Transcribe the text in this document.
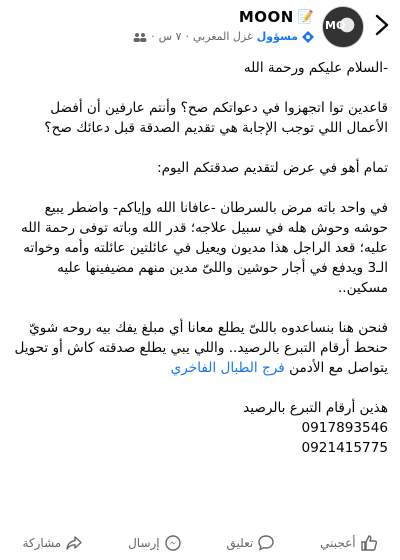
MO
MOON 📝
مسؤول
غزل المغربي
·
٧ س
·

-السلام عليكم ورحمة الله

قاعدين توا اتجهزوا في دعواتكم صح؟ وأنتم عارفين أن أفضل الأعمال اللي توجب الإجابة هي تقديم الصدقة قبل دعائك صح؟

تمام أهو في عرض لتقديم صدقتكم اليوم:

في واحد باته مرض بالسرطان -عافانا الله وإياكم- واضطر يبيع حوشه وحوش هله في سبيل علاجه؛ قدر الله وباته توفى رحمة الله عليه؛ قعد الراجل هذا مديون ويعيل في عائلتين عائلته وأمه وخواته الـ3 ويدفع في أجار حوشين واللىّ مدين منهم مضيفينها عليه مسكين..

فنحن هنا بنساعدوه باللىّ يطلع معانا أي مبلغ يفك بيه روحه شويّ

حنحط أرقام التبرع بالرصيد.. واللي يبي يطلع صدقته كاش أو تحويل

يتواصل مع الأدمن فرج الطبال الفاخري

هذين أرقام التبرع بالرصيد

0917893546
0921415775
أعجبني
تعليق
إرسال
مشاركة
